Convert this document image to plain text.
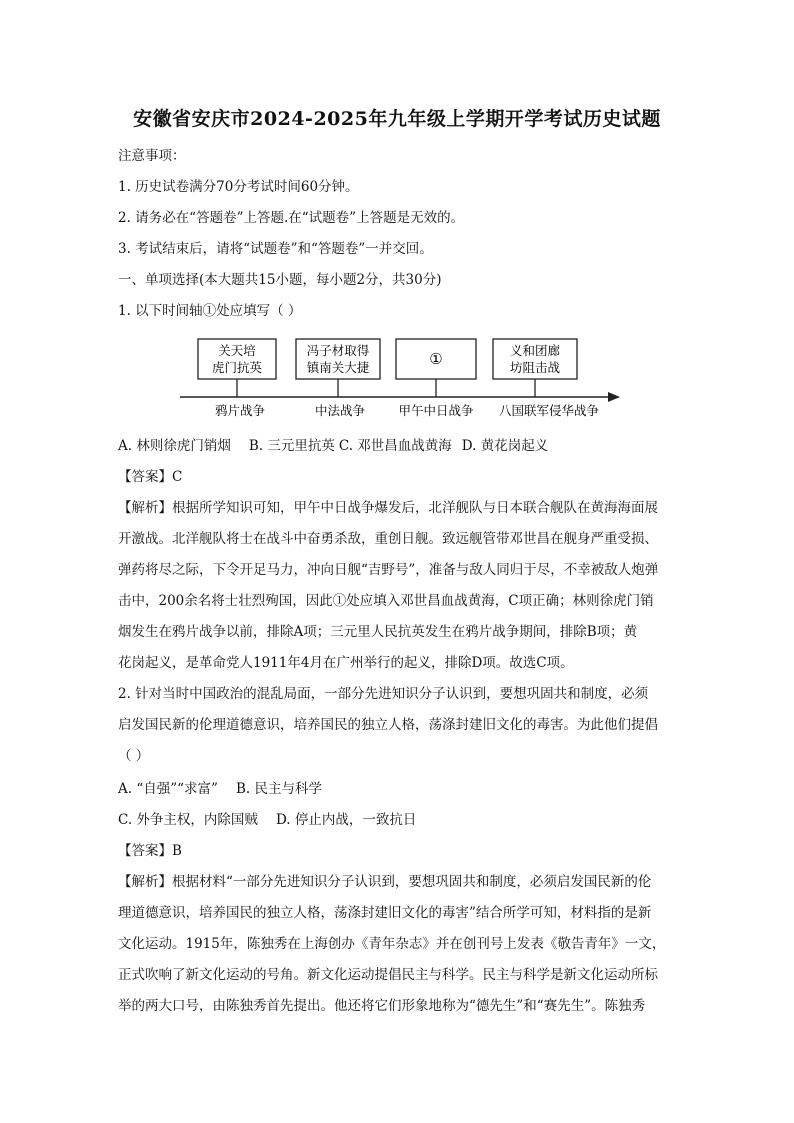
安徽省安庆市2024-2025年九年级上学期开学考试历史试题
注意事项：
1. 历史试卷满分70分考试时间60分钟。
2. 请务必在“答题卷”上答题.在“试题卷”上答题是无效的。
3. 考试结束后，请将“试题卷”和“答题卷”一并交回。
一、单项选择(本大题共15小题，每小题2分，共30分)
1. 以下时间轴①处应填写（ ）
关天培
虎门抗英
冯子材取得
镇南关大捷	①	义和团廊
坊阻击战
鸦片战争	中法战争	甲午中日战争 八国联军侵华战争
A. 林则徐虎门销烟 B. 三元里抗英 C. 邓世昌血战黄海 D. 黄花岗起义
【答案】C
【解析】根据所学知识可知，甲午中日战争爆发后，北洋舰队与日本联合舰队在黄海海面展
开激战。北洋舰队将士在战斗中奋勇杀敌，重创日舰。致远舰管带邓世昌在舰身严重受损、
弹药将尽之际，下令开足马力，冲向日舰“吉野号”，准备与敌人同归于尽，不幸被敌人炮弹
击中，200余名将士壮烈殉国，因此①处应填入邓世昌血战黄海，C项正确；林则徐虎门销
烟发生在鸦片战争以前，排除A项；三元里人民抗英发生在鸦片战争期间，排除B项；黄
花岗起义，是革命党人1911年4月在广州举行的起义，排除D项。故选C项。
2. 针对当时中国政治的混乱局面，一部分先进知识分子认识到，要想巩固共和制度，必须
启发国民新的伦理道德意识，培养国民的独立人格，荡涤封建旧文化的毒害。为此他们提倡
（ ）
A. “自强”“求富” B. 民主与科学
C. 外争主权，内除国贼 D. 停止内战，一致抗日
【答案】B
【解析】根据材料“一部分先进知识分子认识到，要想巩固共和制度，必须启发国民新的伦
理道德意识，培养国民的独立人格，荡涤封建旧文化的毒害”结合所学可知，材料指的是新
文化运动。1915年，陈独秀在上海创办《青年杂志》并在创刊号上发表《敬告青年》一文，
正式吹响了新文化运动的号角。新文化运动提倡民主与科学。民主与科学是新文化运动所标
举的两大口号，由陈独秀首先提出。他还将它们形象地称为“德先生”和“赛先生”。陈独秀
